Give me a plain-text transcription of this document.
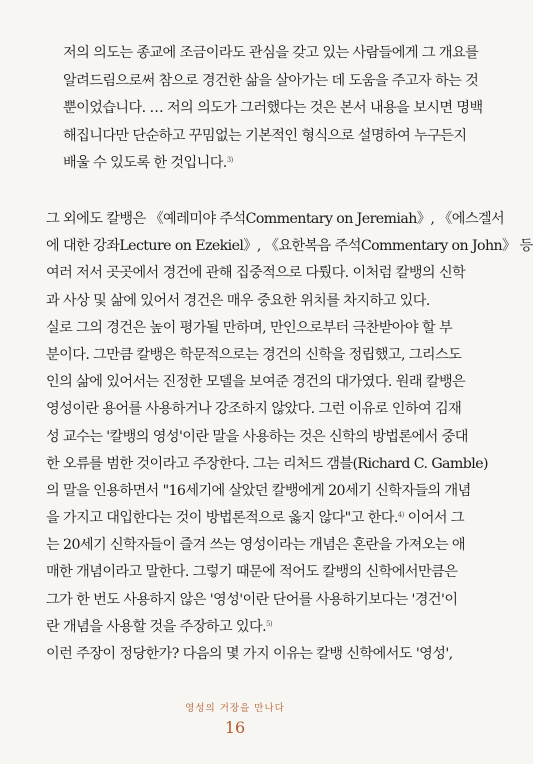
저의 의도는 종교에 조금이라도 관심을 갖고 있는 사람들에게 그 개요를
알려드림으로써 참으로 경건한 삶을 살아가는 데 도움을 주고자 하는 것
뿐이었습니다. … 저의 의도가 그러했다는 것은 본서 내용을 보시면 명백
해집니다만 단순하고 꾸밈없는 기본적인 형식으로 설명하여 누구든지
배울 수 있도록 한 것입니다.$^{3)}$
그 외에도 칼뱅은 《예레미야 주석Commentary on Jeremiah》, 《에스겔서
에 대한 강좌Lecture on Ezekiel》, 《요한복음 주석Commentary on John》 등
여러 저서 곳곳에서 경건에 관해 집중적으로 다뤘다. 이처럼 칼뱅의 신학
과 사상 및 삶에 있어서 경건은 매우 중요한 위치를 차지하고 있다.
실로 그의 경건은 높이 평가될 만하며, 만인으로부터 극찬받아야 할 부
분이다. 그만큼 칼뱅은 학문적으로는 경건의 신학을 정립했고, 그리스도
인의 삶에 있어서는 진정한 모델을 보여준 경건의 대가였다. 원래 칼뱅은
영성이란 용어를 사용하거나 강조하지 않았다. 그런 이유로 인하여 김재
성 교수는 '칼뱅의 영성'이란 말을 사용하는 것은 신학의 방법론에서 중대
한 오류를 범한 것이라고 주장한다. 그는 리처드 갬블(Richard C. Gamble)
의 말을 인용하면서 "16세기에 살았던 칼뱅에게 20세기 신학자들의 개념
을 가지고 대입한다는 것이 방법론적으로 옳지 않다"고 한다.$^{4)}$ 이어서 그
는 20세기 신학자들이 즐겨 쓰는 영성이라는 개념은 혼란을 가져오는 애
매한 개념이라고 말한다. 그렇기 때문에 적어도 칼뱅의 신학에서만큼은
그가 한 번도 사용하지 않은 '영성'이란 단어를 사용하기보다는 '경건'이
란 개념을 사용할 것을 주장하고 있다.$^{5)}$
이런 주장이 정당한가? 다음의 몇 가지 이유는 칼뱅 신학에서도 '영성',
영성의 거장을 만나다
16
